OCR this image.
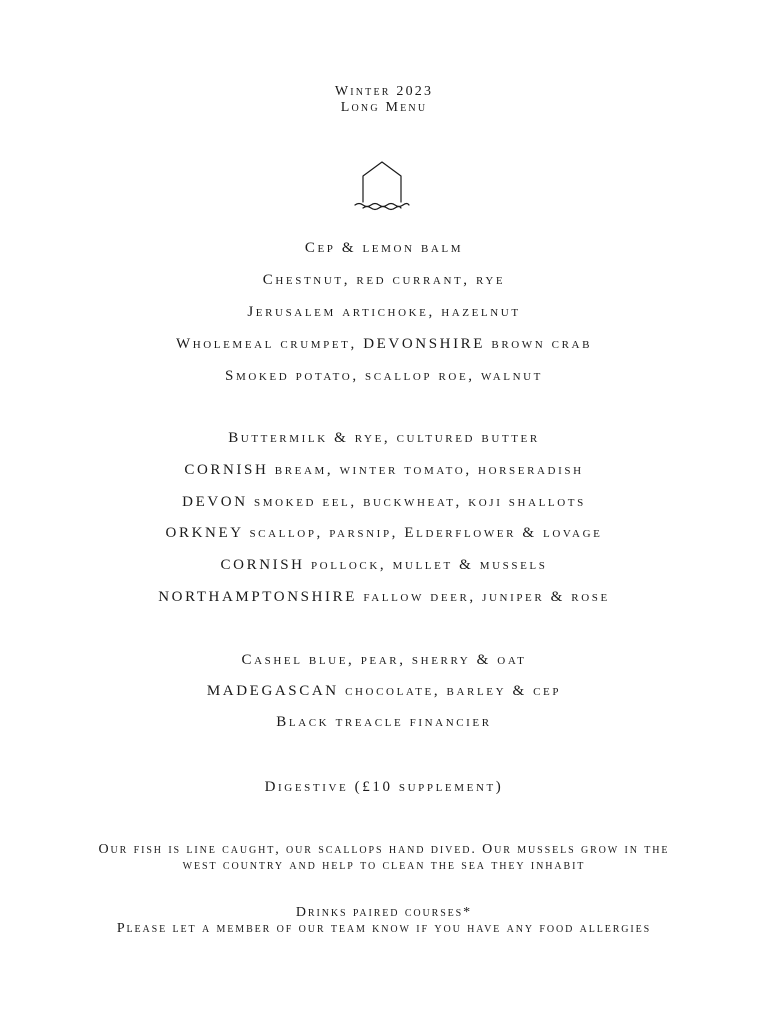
Winter 2023
Long Menu
Cep & lemon balm
Chestnut, red currant, rye
Jerusalem artichoke, hazelnut
Wholemeal crumpet, DEVONSHIRE brown crab
Smoked potato, scallop roe, walnut
Buttermilk & rye, cultured butter
CORNISH bream, winter tomato, horseradish
DEVON smoked eel, buckwheat, koji shallots
ORKNEY scallop, parsnip, Elderflower & lovage
CORNISH pollock, mullet & mussels
NORTHAMPTONSHIRE fallow deer, juniper & rose
Cashel blue, pear, sherry & oat
MADEGASCAN chocolate, barley & cep
Black treacle financier
Digestive (£10 supplement)
Our fish is line caught, our scallops hand dived. Our mussels grow in the
west country and help to clean the sea they inhabit
Drinks paired courses*
Please let a member of our team know if you have any food allergies
